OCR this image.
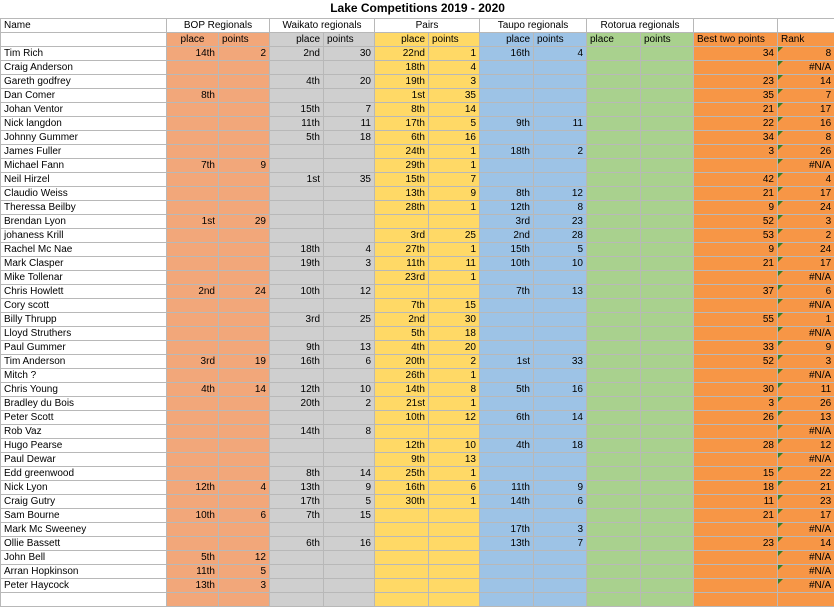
Lake Competitions 2019 - 2020												
Name	BOP Regionals		Waikato regionals		Pairs		Taupo regionals		Rotorua regionals			
	place	points	place	points	place	points	place	points	place	points	Best two points	Rank
Tim Rich	14th	2	2nd	30	22nd	1	16th	4			34	8
Craig Anderson					18th	4						#N/A
Gareth godfrey			4th	20	19th	3					23	14
Dan Comer	8th				1st	35					35	7
Johan Ventor			15th	7	8th	14					21	17
Nick langdon			11th	11	17th	5	9th	11			22	16
Johnny Gummer			5th	18	6th	16					34	8
James Fuller					24th	1	18th	2			3	26
Michael Fann	7th	9			29th	1						#N/A
Neil Hirzel			1st	35	15th	7					42	4
Claudio Weiss					13th	9	8th	12			21	17
Theressa Beilby					28th	1	12th	8			9	24
Brendan Lyon	1st	29					3rd	23			52	3
johaness Krill					3rd	25	2nd	28			53	2
Rachel Mc Nae			18th	4	27th	1	15th	5			9	24
Mark Clasper			19th	3	11th	11	10th	10			21	17
Mike Tollenar					23rd	1						#N/A
Chris Howlett	2nd	24	10th	12			7th	13			37	6
Cory scott					7th	15						#N/A
Billy Thrupp			3rd	25	2nd	30					55	1
Lloyd Struthers					5th	18						#N/A
Paul Gummer			9th	13	4th	20					33	9
Tim Anderson	3rd	19	16th	6	20th	2	1st	33			52	3
Mitch ?					26th	1						#N/A
Chris Young	4th	14	12th	10	14th	8	5th	16			30	11
Bradley du Bois			20th	2	21st	1					3	26
Peter Scott					10th	12	6th	14			26	13
Rob Vaz			14th	8								#N/A
Hugo Pearse					12th	10	4th	18			28	12
Paul Dewar					9th	13						#N/A
Edd greenwood			8th	14	25th	1					15	22
Nick Lyon	12th	4	13th	9	16th	6	11th	9			18	21
Craig Gutry			17th	5	30th	1	14th	6			11	23
Sam Bourne	10th	6	7th	15							21	17
Mark Mc Sweeney							17th	3				#N/A
Ollie Bassett			6th	16			13th	7			23	14
John Bell	5th	12										#N/A
Arran Hopkinson	11th	5										#N/A
Peter Haycock	13th	3										#N/A
